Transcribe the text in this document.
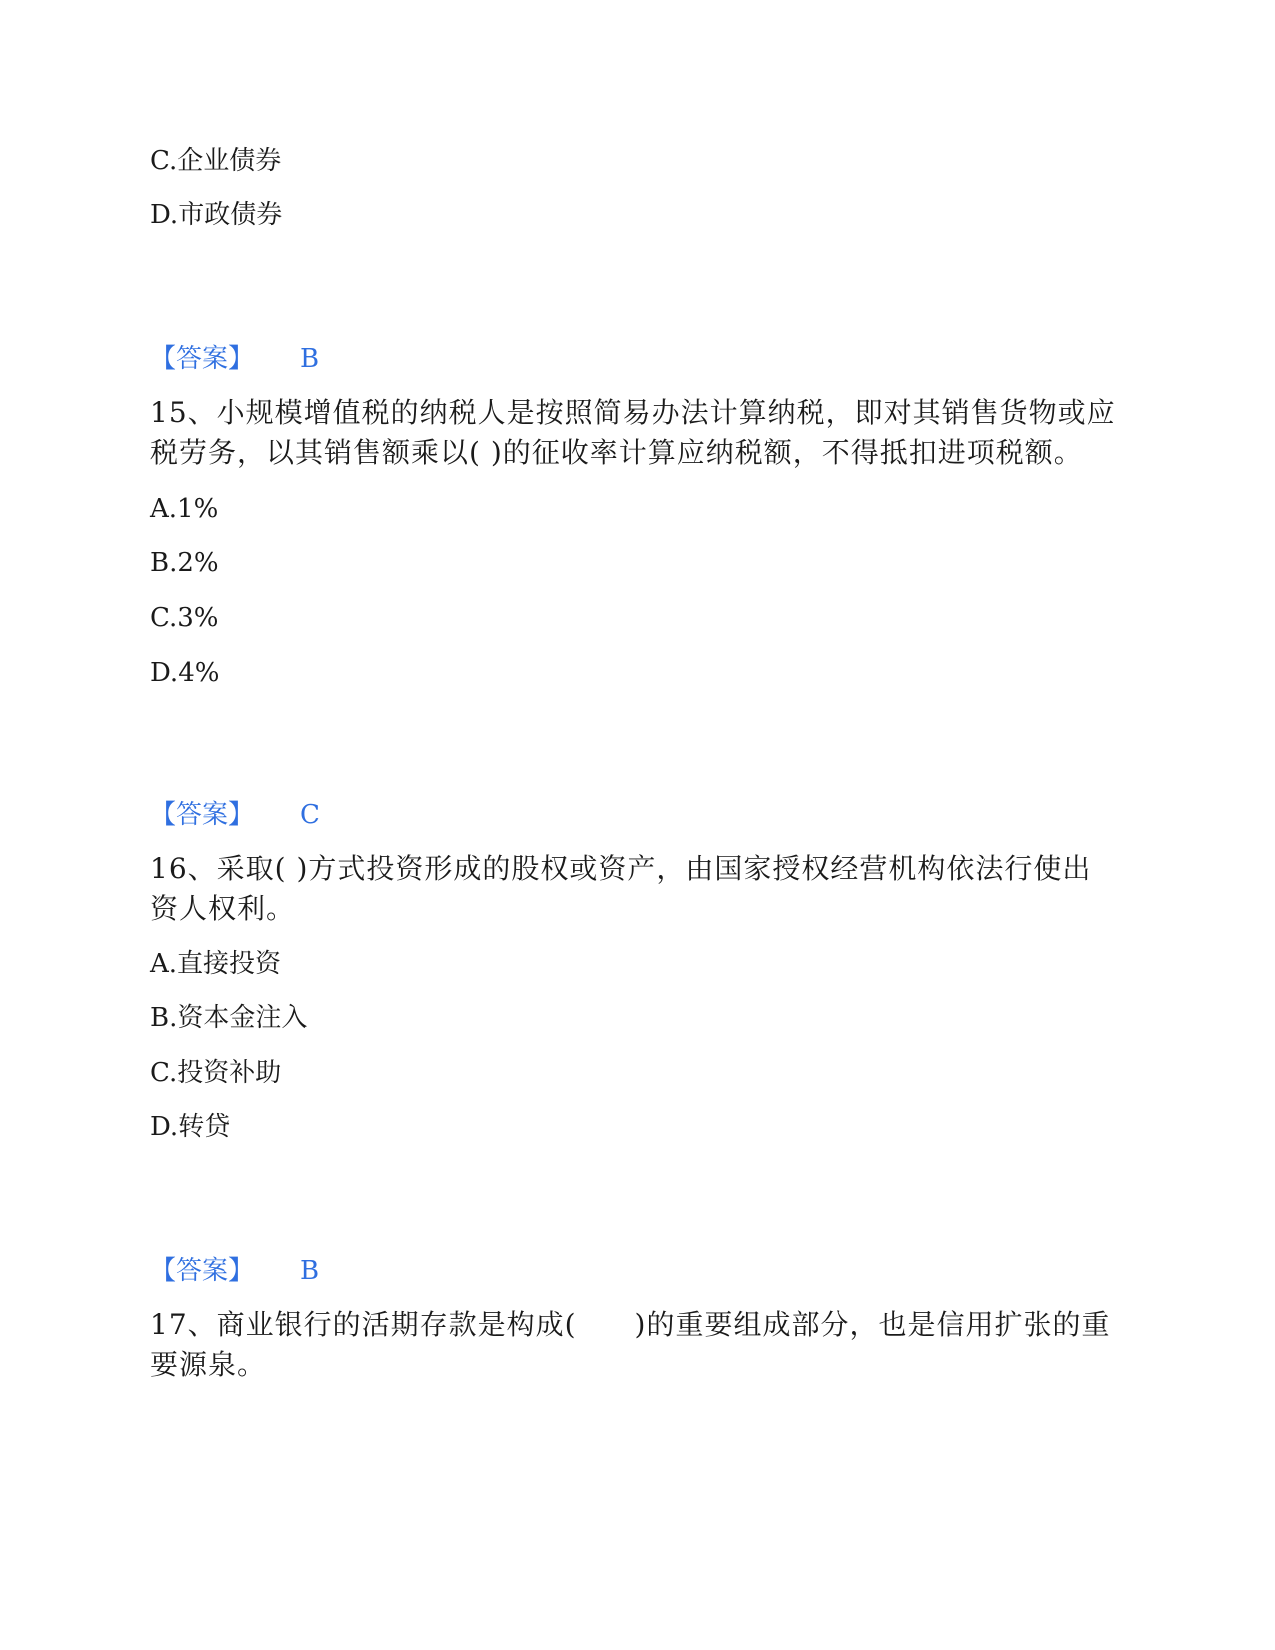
C.企业债券
D.市政债券
【答案】 B
15、小规模增值税的纳税人是按照简易办法计算纳税，即对其销售货物或应
税劳务，以其销售额乘以( )的征收率计算应纳税额，不得抵扣进项税额。
A.1%
B.2%
C.3%
D.4%
【答案】 C
16、采取( )方式投资形成的股权或资产，由国家授权经营机构依法行使出
资人权利。
A.直接投资
B.资本金注入
C.投资补助
D.转贷
【答案】 B
17、商业银行的活期存款是构成(　　)的重要组成部分，也是信用扩张的重
要源泉。
